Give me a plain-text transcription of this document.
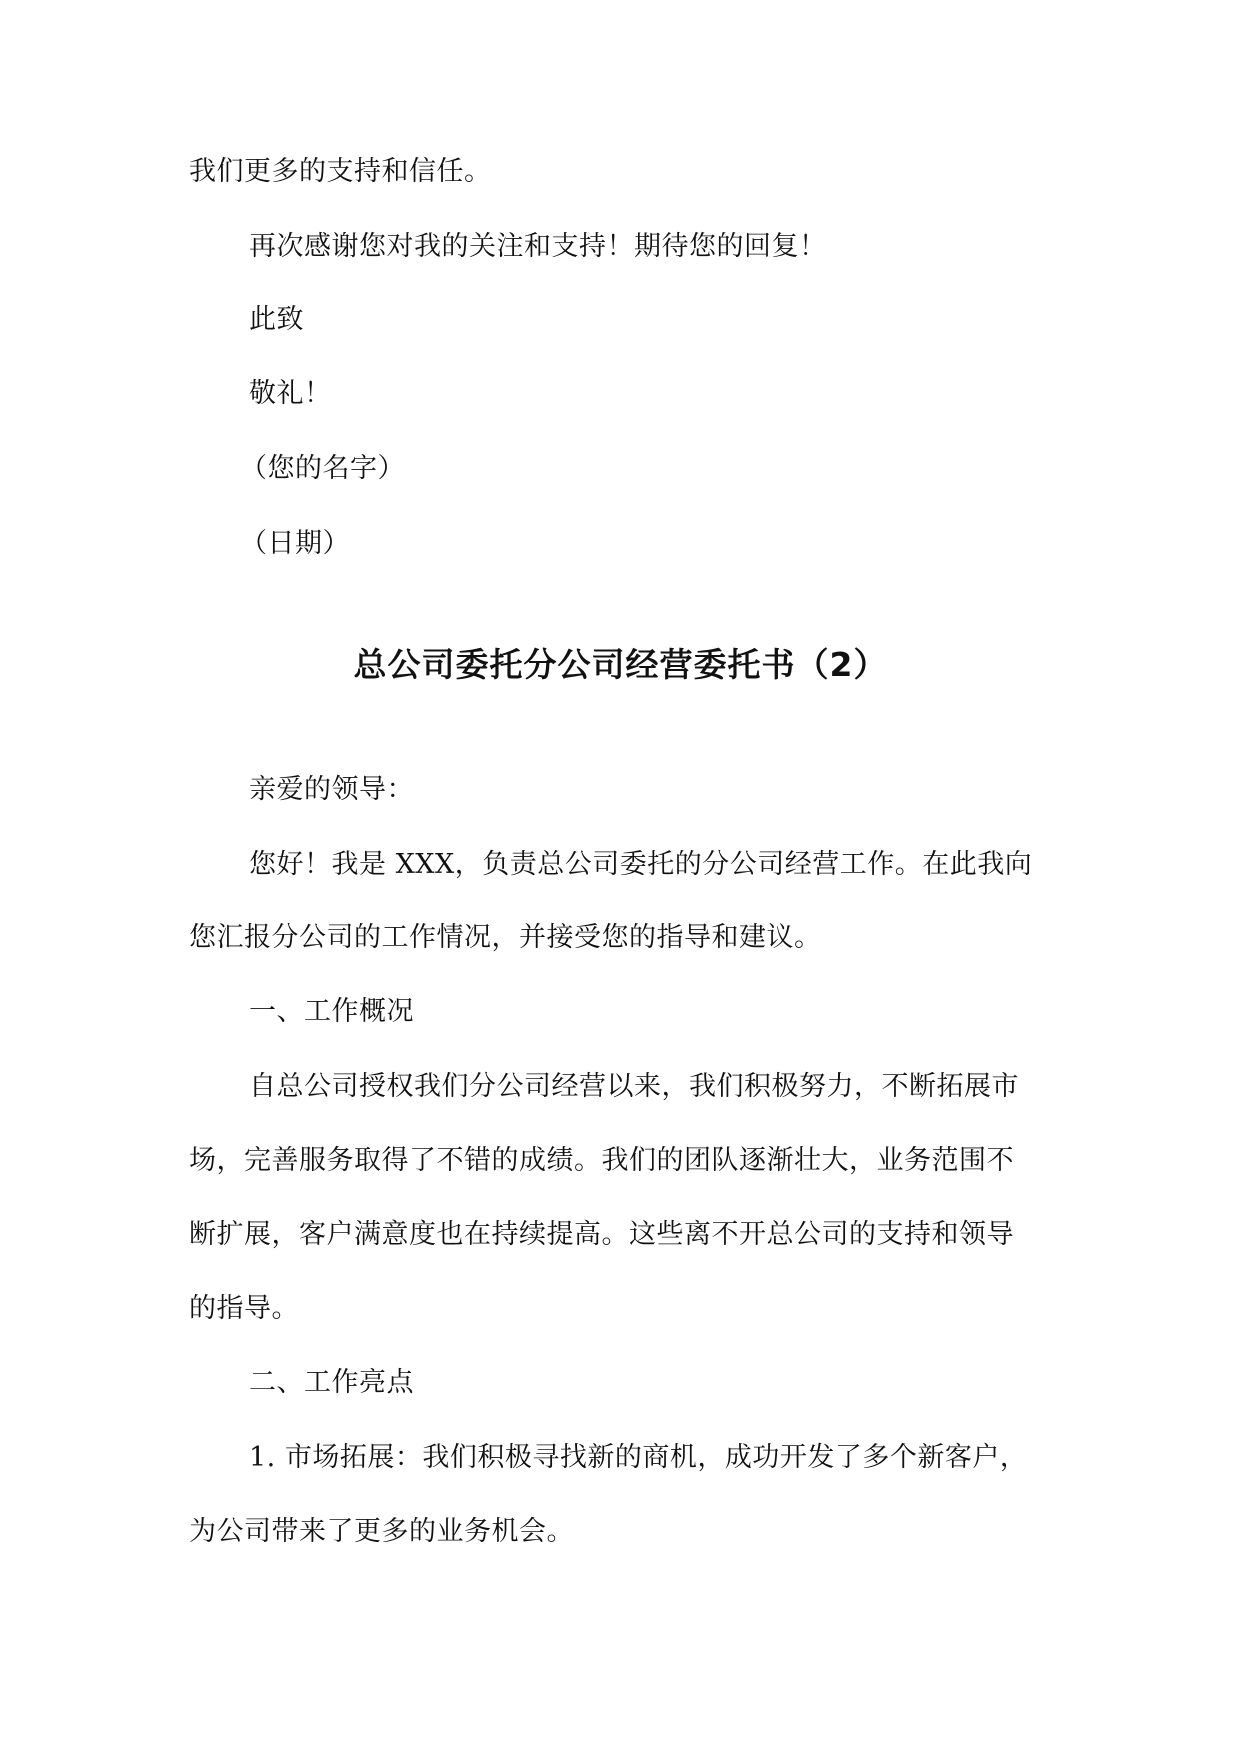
我们更多的支持和信任。
再次感谢您对我的关注和支持！期待您的回复！
此致
敬礼！
（您的名字）
（日期）
总公司委托分公司经营委托书（2）
亲爱的领导：
您好！我是 XXX，负责总公司委托的分公司经营工作。在此我向
您汇报分公司的工作情况，并接受您的指导和建议。
一、工作概况
自总公司授权我们分公司经营以来，我们积极努力，不断拓展市
场，完善服务取得了不错的成绩。我们的团队逐渐壮大，业务范围不
断扩展，客户满意度也在持续提高。这些离不开总公司的支持和领导
的指导。
二、工作亮点
1. 市场拓展：我们积极寻找新的商机，成功开发了多个新客户，
为公司带来了更多的业务机会。
